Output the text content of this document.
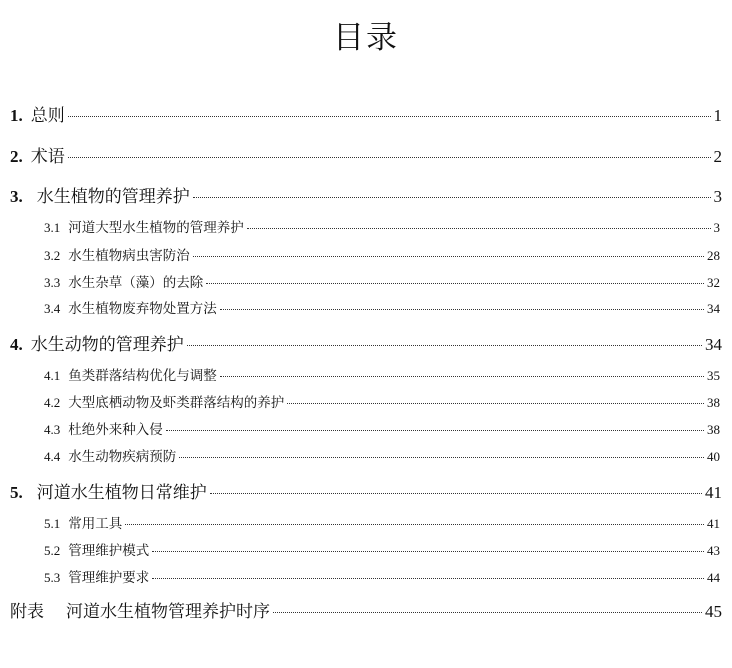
目录
1. 总则	1
2. 术语	2
3. 水生植物的管理养护	3
3.1 河道大型水生植物的管理养护	3
3.2 水生植物病虫害防治	28
3.3 水生杂草（藻）的去除	32
3.4 水生植物废弃物处置方法	34
4. 水生动物的管理养护	34
4.1 鱼类群落结构优化与调整	35
4.2 大型底栖动物及虾类群落结构的养护	38
4.3 杜绝外来种入侵	38
4.4 水生动物疾病预防	40
5. 河道水生植物日常维护	41
5.1 常用工具	41
5.2 管理维护模式	43
5.3 管理维护要求	44
附表 河道水生植物管理养护时序	45
